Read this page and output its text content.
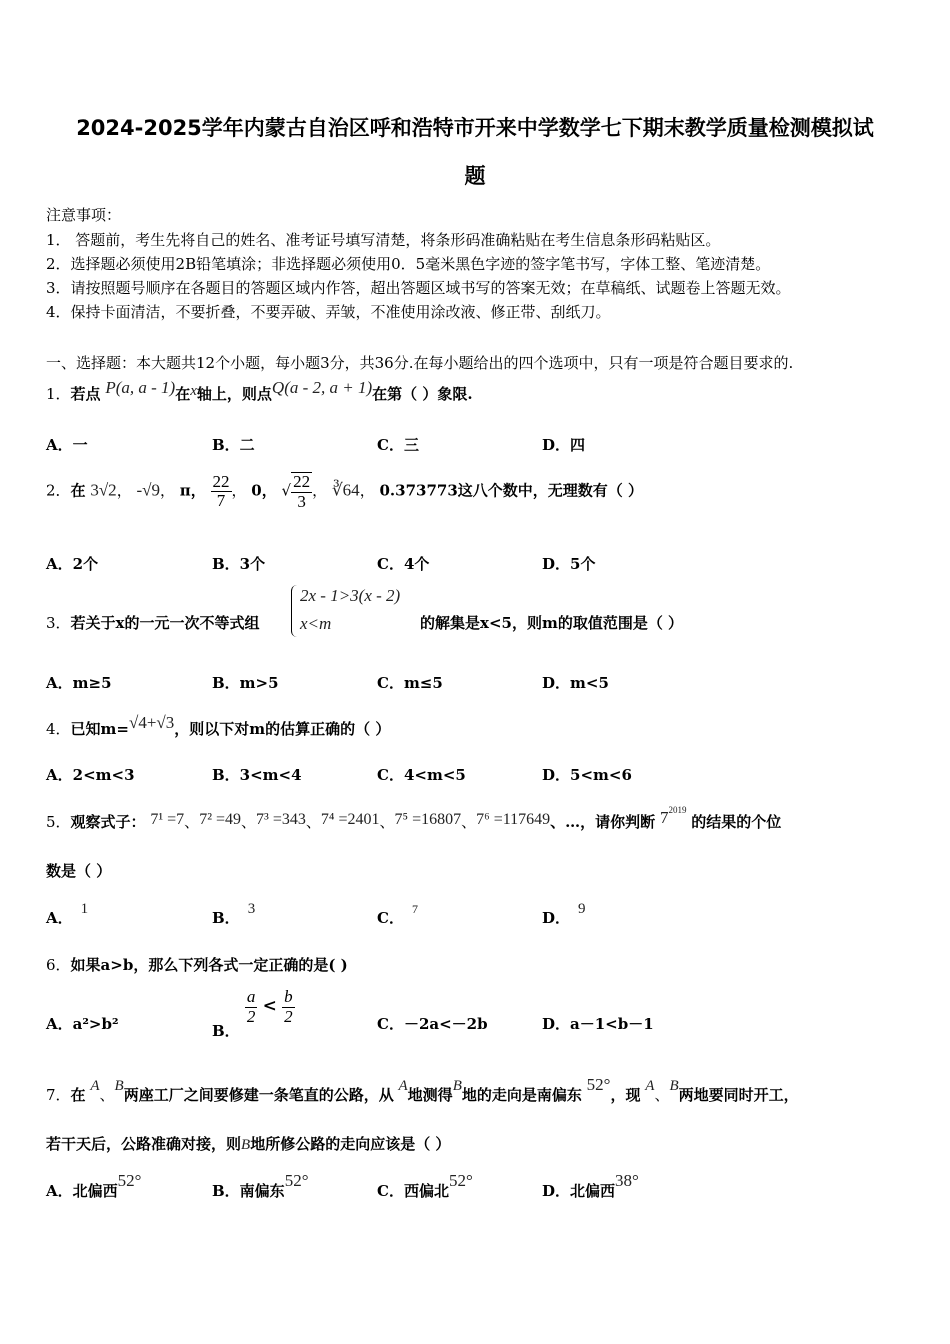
2024-2025学年内蒙古自治区呼和浩特市开来中学数学七下期末教学质量检测模拟试
题
注意事项：
1． 答题前，考生先将自己的姓名、准考证号填写清楚，将条形码准确粘贴在考生信息条形码粘贴区。
2．选择题必须使用2B铅笔填涂；非选择题必须使用0．5毫米黑色字迹的签字笔书写，字体工整、笔迹清楚。
3．请按照题号顺序在各题目的答题区域内作答，超出答题区域书写的答案无效；在草稿纸、试题卷上答题无效。
4．保持卡面清洁，不要折叠，不要弄破、弄皱，不准使用涂改液、修正带、刮纸刀。
一、选择题：本大题共12个小题，每小题3分，共36分.在每小题给出的四个选项中，只有一项是符合题目要求的.
1．若点 P(a, a - 1)在x轴上，则点Q(a - 2, a + 1)在第（ ）象限.
A．一	B．二	C．三	D．四
2．在 3√2， -√9， π， $\frac{22}{7}$ ， 0， √ $\frac{22}{3}$ ， ∛64， 0.373773这八个数中，无理数有（ ）
A．2个	B．3个	C．4个	D．5个
3．若关于x的一元一次不等式组
2x - 1>3(x - 2)
x<m	的解集是x<5，则m的取值范围是（ ）
A．m≥5	B．m>5	C．m≤5	D．m<5
4．已知m=√4+√3，则以下对m的估算正确的（ ）
A．2<m<3	B．3<m<4	C．4<m<5	D．5<m<6
5．观察式子： 7¹ =7、7² =49、7³ =343、7⁴ =2401、7⁵ =16807、7⁶ =117649、…，请你判断 $7^{2019}$ 的结果的个位
数是（ ）
A． 1	B． 3	C． $^7$	D． 9
6．如果a>b，那么下列各式一定正确的是( )
A．a²>b²	B．
$\frac{a}{2} < \frac{b}{2}$	C．－2a<－2b	D．a－1<b－1
7．在 A、B两座工厂之间要修建一条笔直的公路，从 A地测得B地的走向是南偏东 52°，现 A、B两地要同时开工，
若干天后，公路准确对接，则B地所修公路的走向应该是（ ）
A．北偏西52°
B．南偏东52°
C．西偏北52°
D．北偏西38°
